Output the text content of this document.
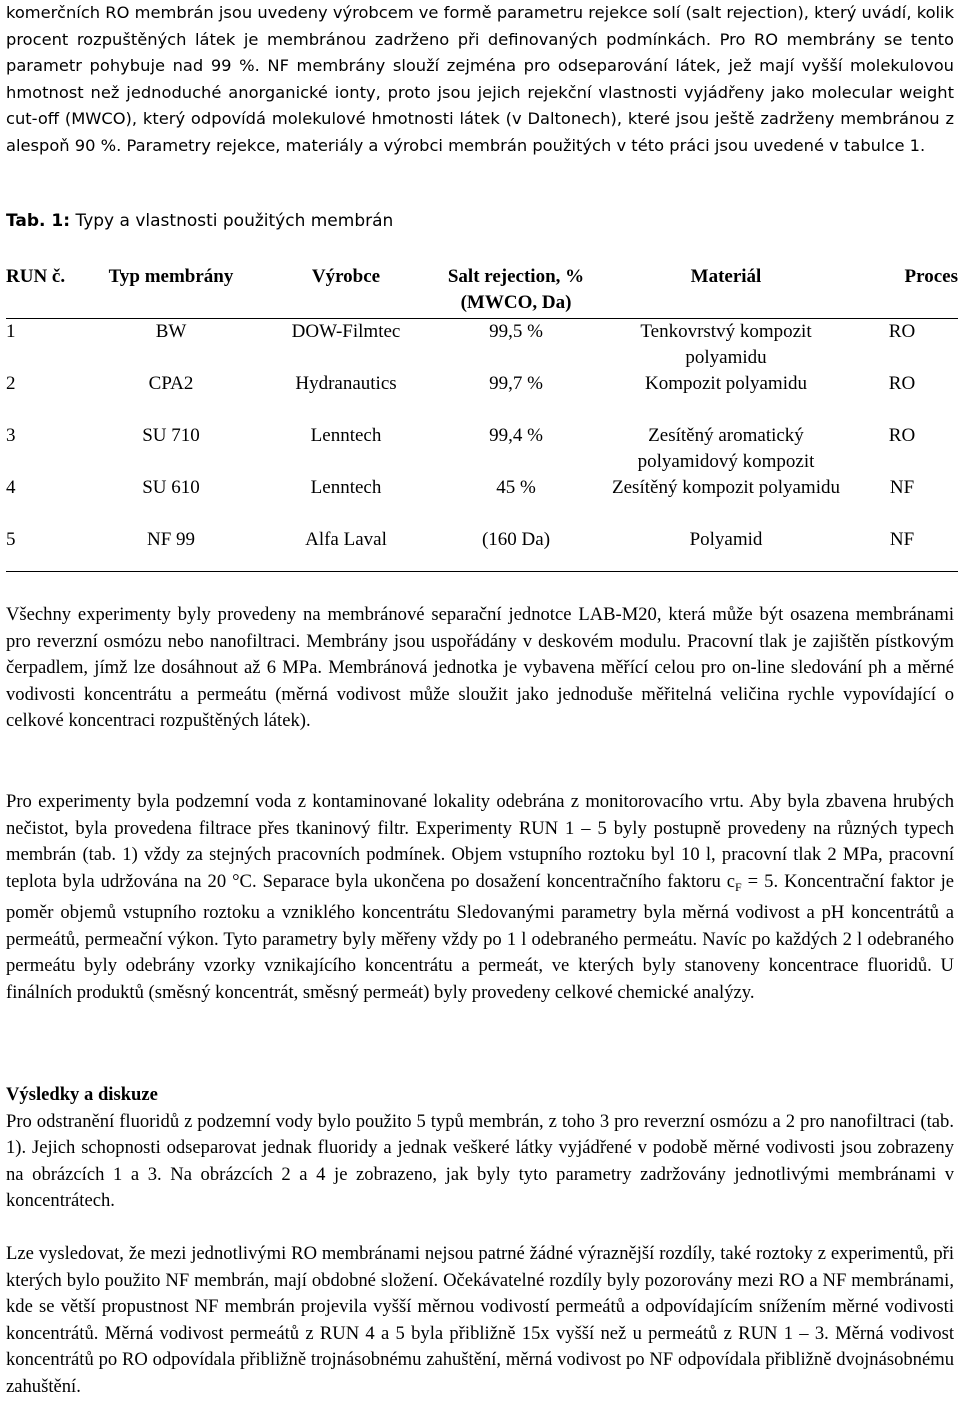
komerčních RO membrán jsou uvedeny výrobcem ve formě parametru rejekce solí (salt rejection), který uvádí, kolik procent rozpuštěných látek je membránou zadrženo při definovaných podmínkách. Pro RO membrány se tento parametr pohybuje nad 99 %. NF membrány slouží zejména pro odseparování látek, jež mají vyšší molekulovou hmotnost než jednoduché anorganické ionty, proto jsou jejich rejekční vlastnosti vyjádřeny jako molecular weight cut-off (MWCO), který odpovídá molekulové hmotnosti látek (v Daltonech), které jsou ještě zadrženy membránou z alespoň 90 %. Parametry rejekce, materiály a výrobci membrán použitých v této práci jsou uvedené v tabulce 1.

Tab. 1: Typy a vlastnosti použitých membrán
RUN č.	Typ membrány	Výrobce	Salt rejection, % (MWCO, Da)	Materiál	Proces
1	BW	DOW-Filmtec	99,5 %	Tenkovrstvý kompozit polyamidu	RO
2	CPA2	Hydranautics	99,7 %	Kompozit polyamidu	RO
3	SU 710	Lenntech	99,4 %	Zesítěný aromatický polyamidový kompozit	RO
4	SU 610	Lenntech	45 %	Zesítěný kompozit polyamidu	NF
5	NF 99	Alfa Laval	(160 Da)	Polyamid	NF

Všechny experimenty byly provedeny na membránové separační jednotce LAB-M20, která může být osazena membránami pro reverzní osmózu nebo nanofiltraci. Membrány jsou uspořádány v deskovém modulu. Pracovní tlak je zajištěn pístkovým čerpadlem, jímž lze dosáhnout až 6 MPa. Membránová jednotka je vybavena měřící celou pro on-line sledování ph a měrné vodivosti koncentrátu a permeátu (měrná vodivost může sloužit jako jednoduše měřitelná veličina rychle vypovídající o celkové koncentraci rozpuštěných látek).

Pro experimenty byla podzemní voda z kontaminované lokality odebrána z monitorovacího vrtu. Aby byla zbavena hrubých nečistot, byla provedena filtrace přes tkaninový filtr. Experimenty RUN 1 – 5 byly postupně provedeny na různých typech membrán (tab. 1) vždy za stejných pracovních podmínek. Objem vstupního roztoku byl 10 l, pracovní tlak 2 MPa, pracovní teplota byla udržována na 20 °C. Separace byla ukončena po dosažení koncentračního faktoru $c_F = 5$. Koncentrační faktor je poměr objemů vstupního roztoku a vzniklého koncentrátu Sledovanými parametry byla měrná vodivost a pH koncentrátů a permeátů, permeační výkon. Tyto parametry byly měřeny vždy po 1 l odebraného permeátu. Navíc po každých 2 l odebraného permeátu byly odebrány vzorky vznikajícího koncentrátu a permeát, ve kterých byly stanoveny koncentrace fluoridů. U finálních produktů (směsný koncentrát, směsný permeát) byly provedeny celkové chemické analýzy.

Výsledky a diskuze

Pro odstranění fluoridů z podzemní vody bylo použito 5 typů membrán, z toho 3 pro reverzní osmózu a 2 pro nanofiltraci (tab. 1). Jejich schopnosti odseparovat jednak fluoridy a jednak veškeré látky vyjádřené v podobě měrné vodivosti jsou zobrazeny na obrázcích 1 a 3. Na obrázcích 2 a 4 je zobrazeno, jak byly tyto parametry zadržovány jednotlivými membránami v koncentrátech.

Lze vysledovat, že mezi jednotlivými RO membránami nejsou patrné žádné výraznější rozdíly, také roztoky z experimentů, při kterých bylo použito NF membrán, mají obdobné složení. Očekávatelné rozdíly byly pozorovány mezi RO a NF membránami, kde se větší propustnost NF membrán projevila vyšší měrnou vodivostí permeátů a odpovídajícím snížením měrné vodivosti koncentrátů. Měrná vodivost permeátů z RUN 4 a 5 byla přibližně 15x vyšší než u permeátů z RUN 1 – 3. Měrná vodivost koncentrátů po RO odpovídala přibližně trojnásobnému zahuštění, měrná vodivost po NF odpovídala přibližně dvojnásobnému zahuštění.
